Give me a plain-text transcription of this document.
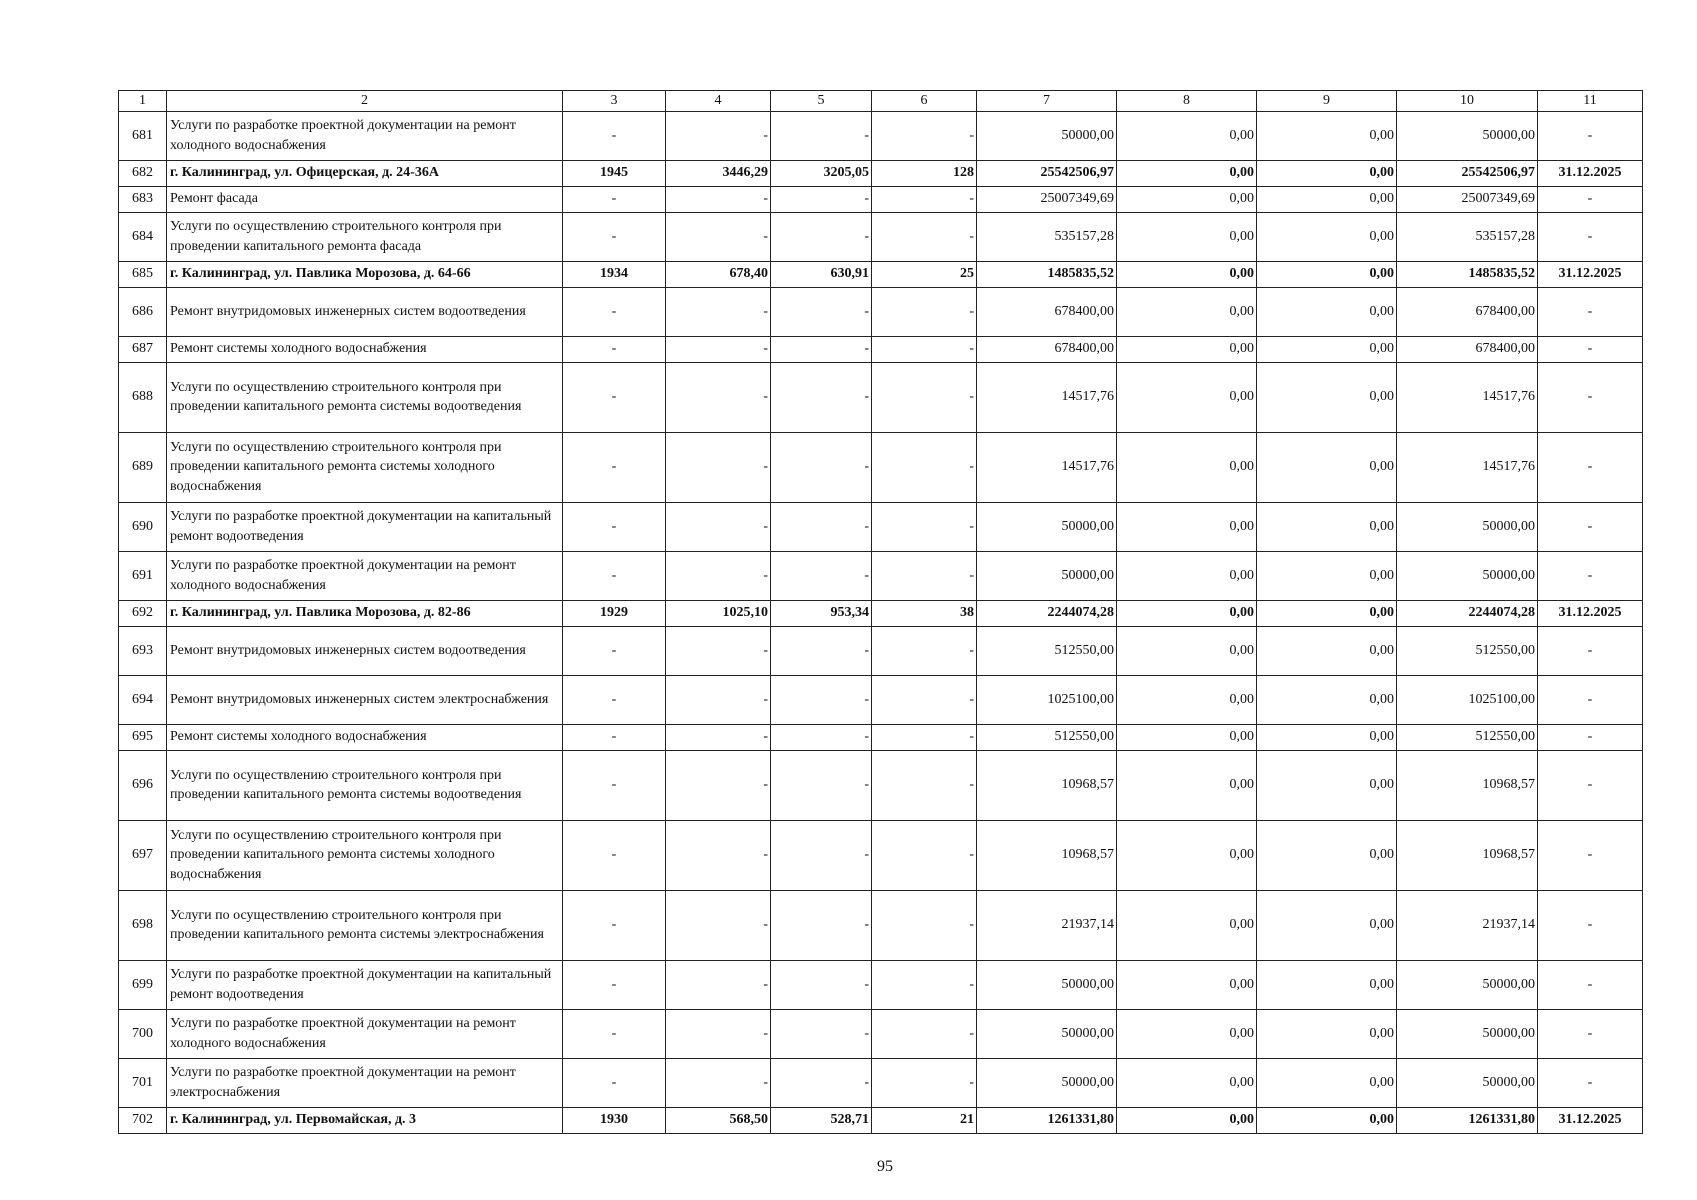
1	2	3	4	5	6	7	8	9	10	11
681	Услуги по разработке проектной документации на ремонт холодного водоснабжения	-	-	-	-	50000,00	0,00	0,00	50000,00	-
682	г. Калининград, ул. Офицерская, д. 24-36А	1945	3446,29	3205,05	128	25542506,97	0,00	0,00	25542506,97	31.12.2025
683	Ремонт фасада	-	-	-	-	25007349,69	0,00	0,00	25007349,69	-
684	Услуги по осуществлению строительного контроля при проведении капитального ремонта фасада	-	-	-	-	535157,28	0,00	0,00	535157,28	-
685	г. Калининград, ул. Павлика Морозова, д. 64-66	1934	678,40	630,91	25	1485835,52	0,00	0,00	1485835,52	31.12.2025
686	Ремонт внутридомовых инженерных систем водоотведения	-	-	-	-	678400,00	0,00	0,00	678400,00	-
687	Ремонт системы холодного водоснабжения	-	-	-	-	678400,00	0,00	0,00	678400,00	-
688	Услуги по осуществлению строительного контроля при проведении капитального ремонта системы водоотведения	-	-	-	-	14517,76	0,00	0,00	14517,76	-
689	Услуги по осуществлению строительного контроля при проведении капитального ремонта системы холодного водоснабжения	-	-	-	-	14517,76	0,00	0,00	14517,76	-
690	Услуги по разработке проектной документации на капитальный ремонт водоотведения	-	-	-	-	50000,00	0,00	0,00	50000,00	-
691	Услуги по разработке проектной документации на ремонт холодного водоснабжения	-	-	-	-	50000,00	0,00	0,00	50000,00	-
692	г. Калининград, ул. Павлика Морозова, д. 82-86	1929	1025,10	953,34	38	2244074,28	0,00	0,00	2244074,28	31.12.2025
693	Ремонт внутридомовых инженерных систем водоотведения	-	-	-	-	512550,00	0,00	0,00	512550,00	-
694	Ремонт внутридомовых инженерных систем электроснабжения	-	-	-	-	1025100,00	0,00	0,00	1025100,00	-
695	Ремонт системы холодного водоснабжения	-	-	-	-	512550,00	0,00	0,00	512550,00	-
696	Услуги по осуществлению строительного контроля при проведении капитального ремонта системы водоотведения	-	-	-	-	10968,57	0,00	0,00	10968,57	-
697	Услуги по осуществлению строительного контроля при проведении капитального ремонта системы холодного водоснабжения	-	-	-	-	10968,57	0,00	0,00	10968,57	-
698	Услуги по осуществлению строительного контроля при проведении капитального ремонта системы электроснабжения	-	-	-	-	21937,14	0,00	0,00	21937,14	-
699	Услуги по разработке проектной документации на капитальный ремонт водоотведения	-	-	-	-	50000,00	0,00	0,00	50000,00	-
700	Услуги по разработке проектной документации на ремонт холодного водоснабжения	-	-	-	-	50000,00	0,00	0,00	50000,00	-
701	Услуги по разработке проектной документации на ремонт электроснабжения	-	-	-	-	50000,00	0,00	0,00	50000,00	-
702	г. Калининград, ул. Первомайская, д. 3	1930	568,50	528,71	21	1261331,80	0,00	0,00	1261331,80	31.12.2025
95
